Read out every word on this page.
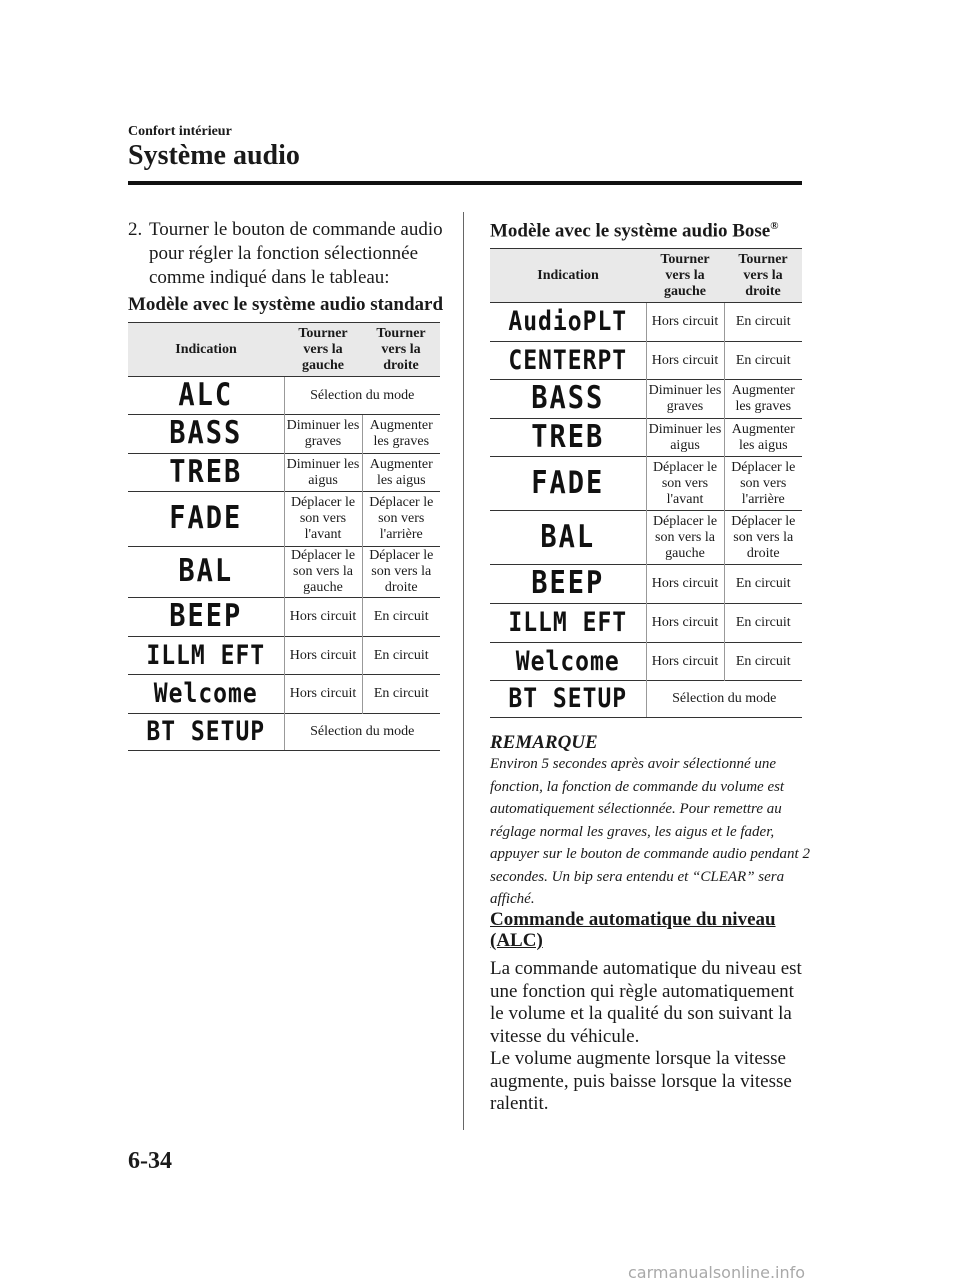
Confort intérieur
Système audio
2. Tourner le bouton de commande audio pour régler la fonction sélectionnée comme indiqué dans le tableau:
Modèle avec le système audio standard
Indication	Tourner vers la gauche	Tourner vers la droite

ALC	Sélection du mode	

BASS	Diminuer les graves	Augmenter les graves

TREB	Diminuer les aigus	Augmenter les aigus

FADE	Déplacer le son vers l'avant	Déplacer le son vers l'arrière

BAL	Déplacer le son vers la gauche	Déplacer le son vers la droite

BEEP	Hors circuit	En circuit

ILLM EFT	Hors circuit	En circuit

Welcome	Hors circuit	En circuit

BT SETUP	Sélection du mode	
Modèle avec le système audio Bose®
Indication	Tourner vers la gauche	Tourner vers la droite

AudioPLT	Hors circuit	En circuit

CENTERPT	Hors circuit	En circuit

BASS	Diminuer les graves	Augmenter les graves

TREB	Diminuer les aigus	Augmenter les aigus

FADE	Déplacer le son vers l'avant	Déplacer le son vers l'arrière

BAL	Déplacer le son vers la gauche	Déplacer le son vers la droite

BEEP	Hors circuit	En circuit

ILLM EFT	Hors circuit	En circuit

Welcome	Hors circuit	En circuit

BT SETUP	Sélection du mode	
REMARQUE
Environ 5 secondes après avoir sélectionné une fonction, la fonction de commande du volume est automatiquement sélectionnée. Pour remettre au réglage normal les graves, les aigus et le fader, appuyer sur le bouton de commande audio pendant 2 secondes. Un bip sera entendu et “CLEAR” sera affiché.
Commande automatique du niveau (ALC)
La commande automatique du niveau est une fonction qui règle automatiquement le volume et la qualité du son suivant la vitesse du véhicule.
Le volume augmente lorsque la vitesse augmente, puis baisse lorsque la vitesse ralentit.
6-34
carmanualsonline.info
